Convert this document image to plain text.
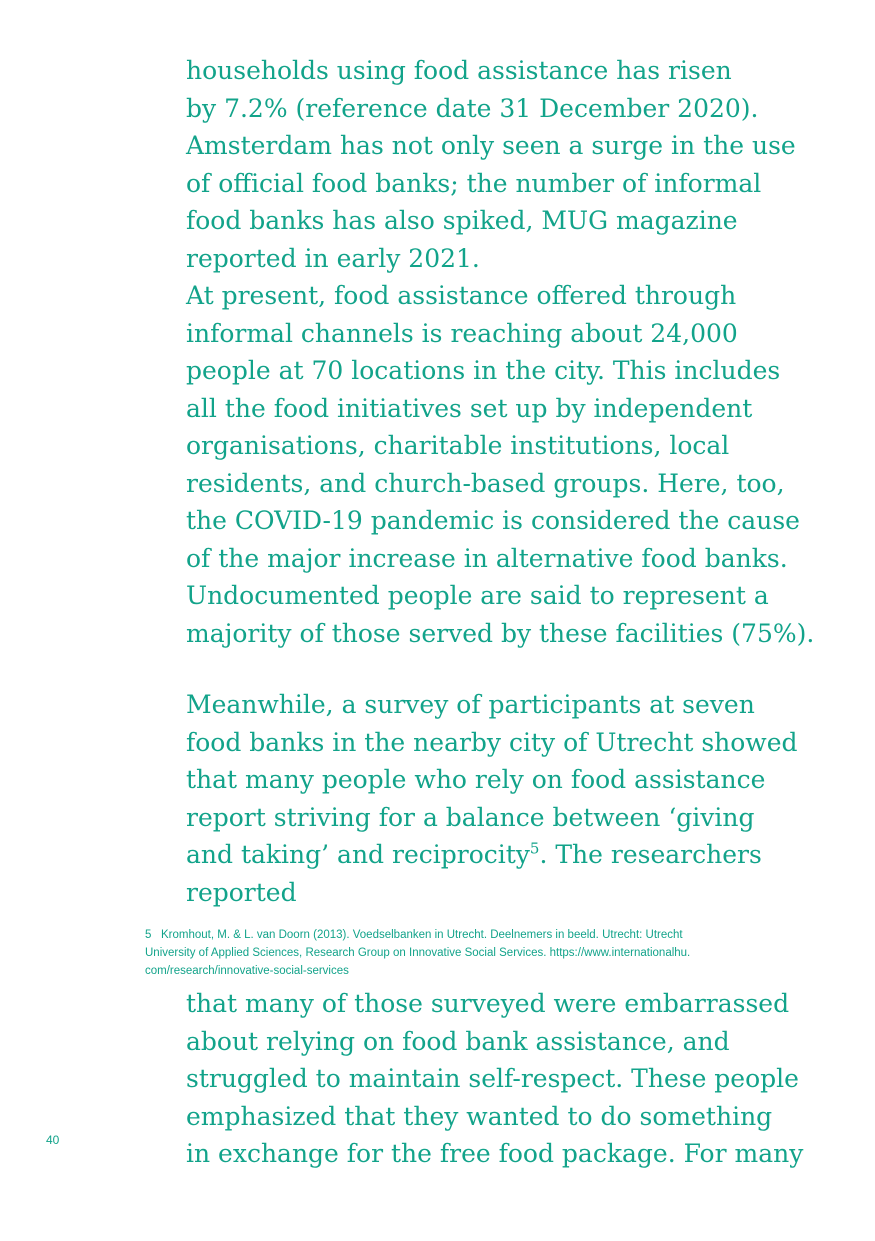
households using food assistance has risen
by 7.2% (reference date 31 December 2020).
Amsterdam has not only seen a surge in the use
of official food banks; the number of informal
food banks has also spiked, MUG magazine
reported in early 2021.
At present, food assistance offered through
informal channels is reaching about 24,000
people at 70 locations in the city. This includes
all the food initiatives set up by independent
organisations, charitable institutions, local
residents, and church-based groups. Here, too,
the COVID-19 pandemic is considered the cause
of the major increase in alternative food banks.
Undocumented people are said to represent a
majority of those served by these facilities (75%).
Meanwhile, a survey of participants at seven
food banks in the nearby city of Utrecht showed
that many people who rely on food assistance
report striving for a balance between ‘giving
and taking’ and reciprocity$^5$. The researchers
reported
5 Kromhout, M. & L. van Doorn (2013). Voedselbanken in Utrecht. Deelnemers in beeld. Utrecht: Utrecht
University of Applied Sciences, Research Group on Innovative Social Services. https://www.internationalhu.
com/research/innovative-social-services
that many of those surveyed were embarrassed
about relying on food bank assistance, and
struggled to maintain self-respect. These people
emphasized that they wanted to do something
in exchange for the free food package. For many
40
